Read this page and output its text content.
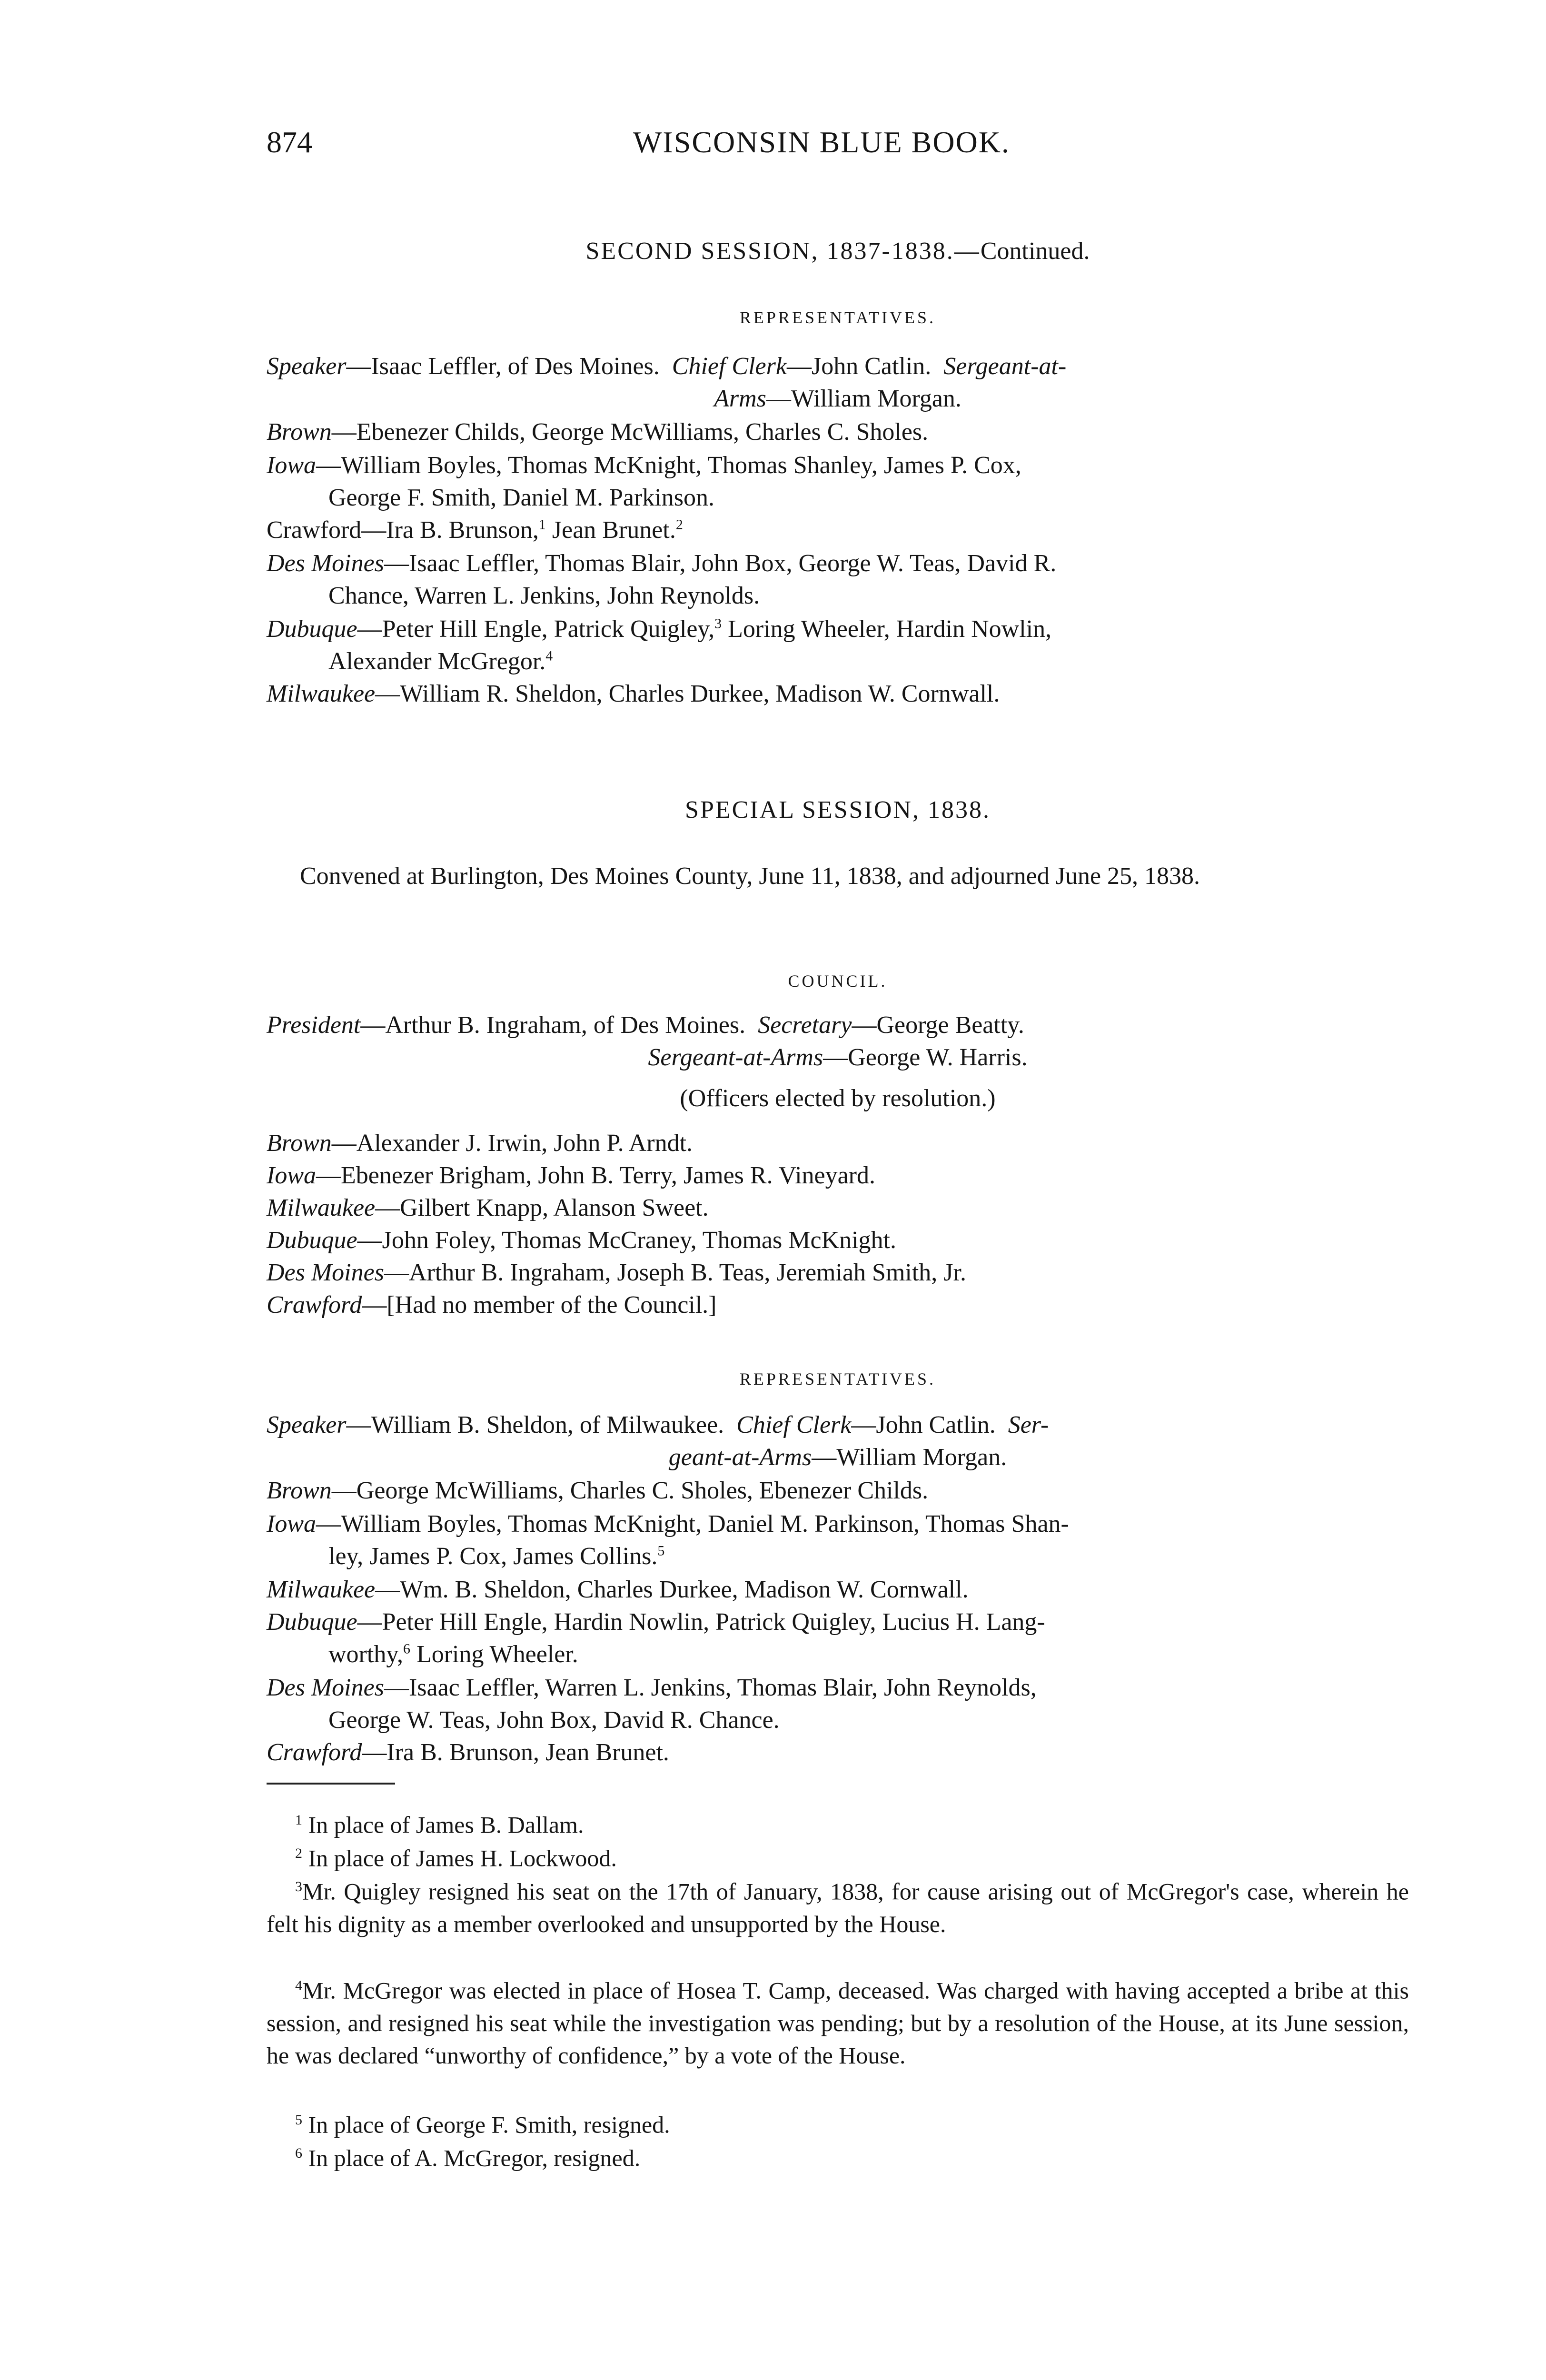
874	WISCONSIN BLUE BOOK.
SECOND SESSION, 1837-1838.—Continued.
REPRESENTATIVES.
Speaker—Isaac Leffler, of Des Moines. Chief Clerk—John Catlin. Sergeant-at-
Arms—William Morgan.
Brown—Ebenezer Childs, George McWilliams, Charles C. Sholes.
Iowa—William Boyles, Thomas McKnight, Thomas Shanley, James P. Cox,
George F. Smith, Daniel M. Parkinson.
Crawford—Ira B. Brunson,$^1$ Jean Brunet.$^2$
Des Moines—Isaac Leffler, Thomas Blair, John Box, George W. Teas, David R.
Chance, Warren L. Jenkins, John Reynolds.
Dubuque—Peter Hill Engle, Patrick Quigley,$^3$ Loring Wheeler, Hardin Nowlin,
Alexander McGregor.$^4$
Milwaukee—William R. Sheldon, Charles Durkee, Madison W. Cornwall.
SPECIAL SESSION, 1838.
Convened at Burlington, Des Moines County, June 11, 1838, and adjourned June 25, 1838.
COUNCIL.
President—Arthur B. Ingraham, of Des Moines. Secretary—George Beatty.
Sergeant-at-Arms—George W. Harris.
(Officers elected by resolution.)
Brown—Alexander J. Irwin, John P. Arndt.
Iowa—Ebenezer Brigham, John B. Terry, James R. Vineyard.
Milwaukee—Gilbert Knapp, Alanson Sweet.
Dubuque—John Foley, Thomas McCraney, Thomas McKnight.
Des Moines—Arthur B. Ingraham, Joseph B. Teas, Jeremiah Smith, Jr.
Crawford—[Had no member of the Council.]
REPRESENTATIVES.
Speaker—William B. Sheldon, of Milwaukee. Chief Clerk—John Catlin. Ser-
geant-at-Arms—William Morgan.
Brown—George McWilliams, Charles C. Sholes, Ebenezer Childs.
Iowa—William Boyles, Thomas McKnight, Daniel M. Parkinson, Thomas Shan-
ley, James P. Cox, James Collins.$^5$
Milwaukee—Wm. B. Sheldon, Charles Durkee, Madison W. Cornwall.
Dubuque—Peter Hill Engle, Hardin Nowlin, Patrick Quigley, Lucius H. Lang-
worthy,$^6$ Loring Wheeler.
Des Moines—Isaac Leffler, Warren L. Jenkins, Thomas Blair, John Reynolds,
George W. Teas, John Box, David R. Chance.
Crawford—Ira B. Brunson, Jean Brunet.
$^1$ In place of James B. Dallam.
$^2$ In place of James H. Lockwood.
$^3$Mr. Quigley resigned his seat on the 17th of January, 1838, for cause arising out of McGregor's case, wherein he felt his dignity as a member overlooked and unsupported by the House.
$^4$Mr. McGregor was elected in place of Hosea T. Camp, deceased. Was charged with having accepted a bribe at this session, and resigned his seat while the investigation was pending; but by a resolution of the House, at its June session, he was declared “unworthy of confidence,” by a vote of the House.
$^5$ In place of George F. Smith, resigned.
$^6$ In place of A. McGregor, resigned.
